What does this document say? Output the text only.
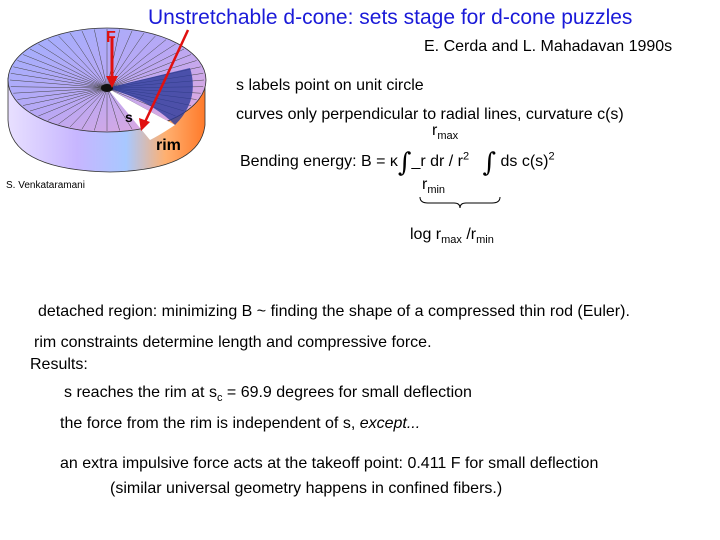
F
s
rim
Unstretchable d-cone: sets stage for d-cone puzzles
E. Cerda and L. Mahadavan 1990s
S. Venkataramani
s labels point on unit circle
curves only perpendicular to radial lines, curvature c(s)
$r_{max}$
Bending energy: B = κ∫_r dr / $r^2$ ∫ ds $c(s)^2$
$r_{min}$
$\log r_{max}$ $/r_{min}$
detached region: minimizing B ~ finding the shape of a compressed thin rod (Euler).
rim constraints determine length and compressive force.
Results:
s reaches the rim at $s_c = 69.9$ degrees for small deflection
the force from the rim is independent of s, except...
an extra impulsive force acts at the takeoff point: 0.411 F for small deflection
(similar universal geometry happens in confined fibers.)
